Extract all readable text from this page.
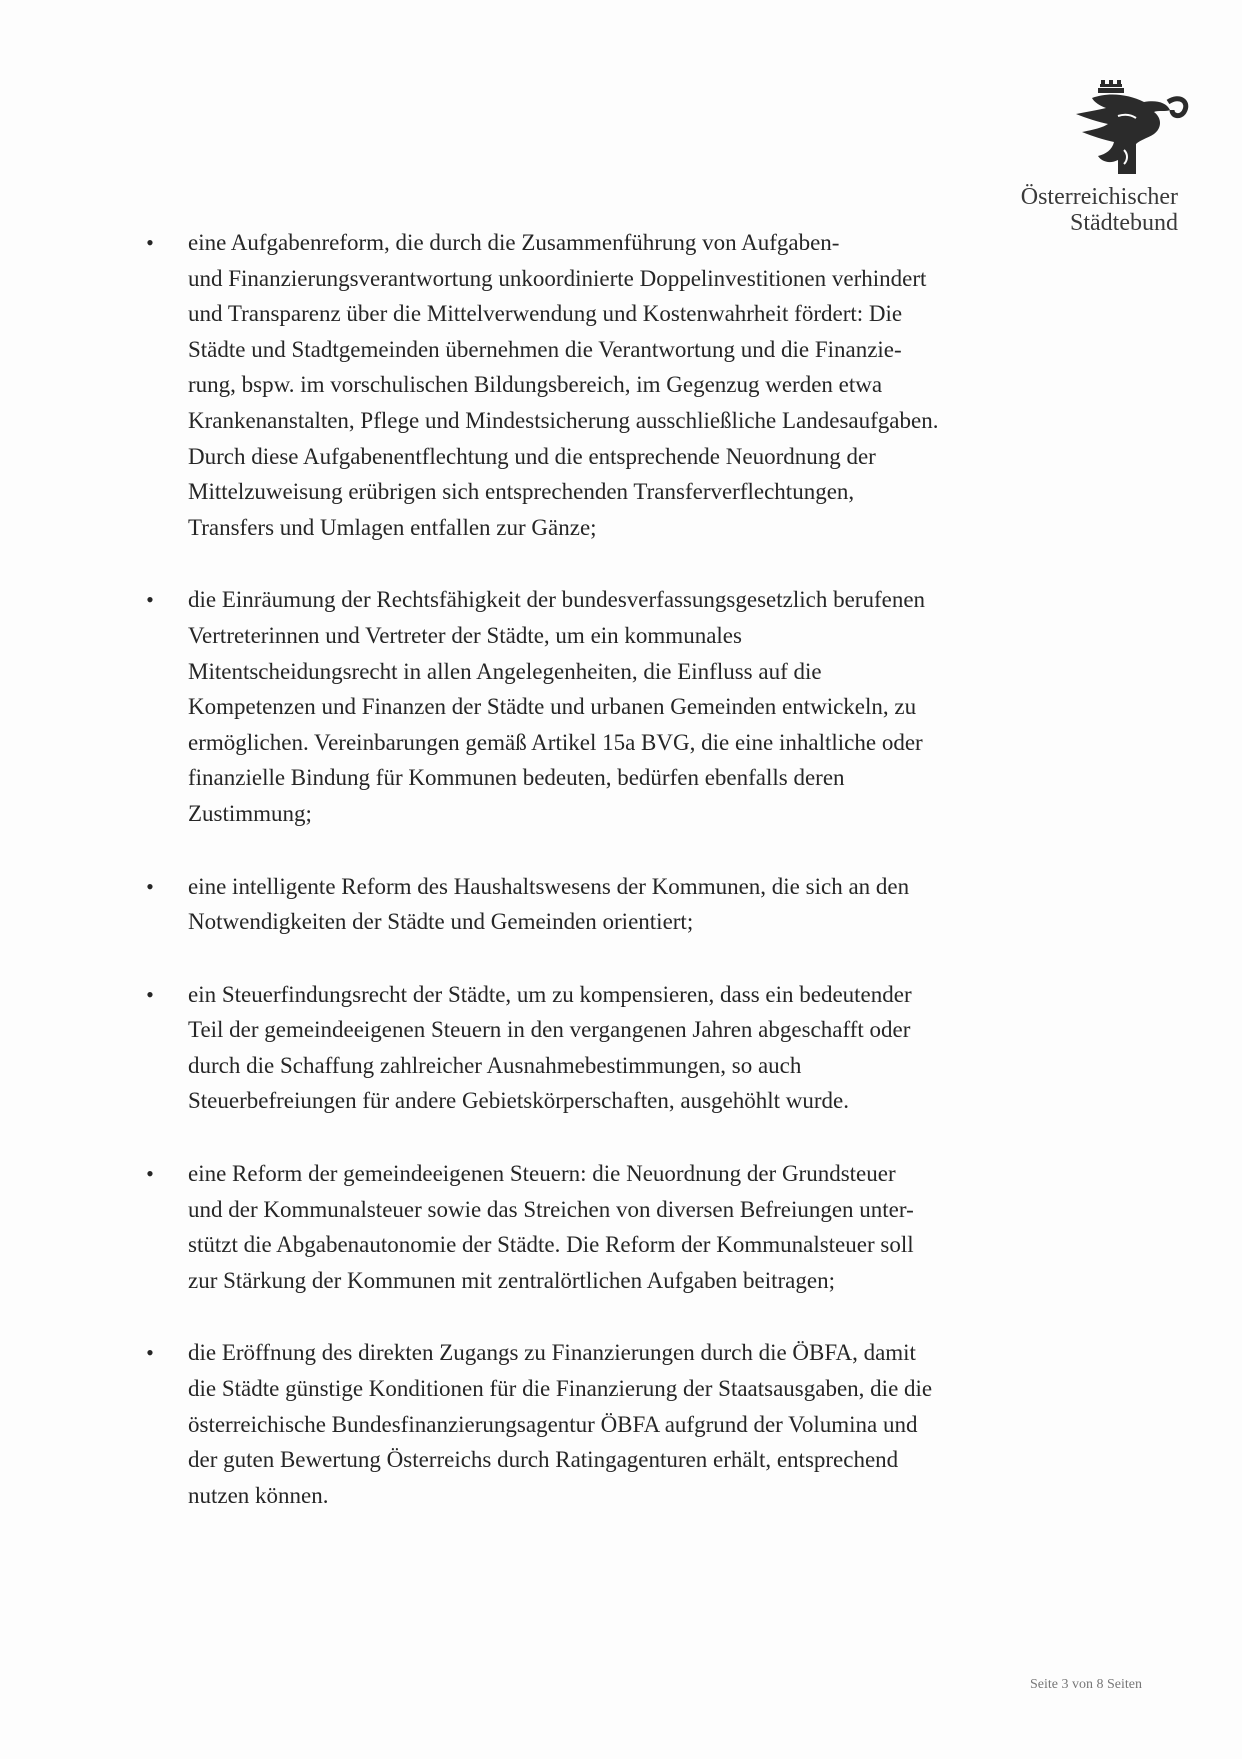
Österreichischer
Städtebund
• eine Aufgabenreform, die durch die Zusammenführung von Aufgaben-
und Finanzierungsverantwortung unkoordinierte Doppelinvestitionen verhindert
und Transparenz über die Mittelverwendung und Kostenwahrheit fördert: Die
Städte und Stadtgemeinden übernehmen die Verantwortung und die Finanzie-
rung, bspw. im vorschulischen Bildungsbereich, im Gegenzug werden etwa
Krankenanstalten, Pflege und Mindestsicherung ausschließliche Landesaufgaben.
Durch diese Aufgabenentflechtung und die entsprechende Neuordnung der
Mittelzuweisung erübrigen sich entsprechenden Transferverflechtungen,
Transfers und Umlagen entfallen zur Gänze;
• die Einräumung der Rechtsfähigkeit der bundesverfassungsgesetzlich berufenen
Vertreterinnen und Vertreter der Städte, um ein kommunales
Mitentscheidungsrecht in allen Angelegenheiten, die Einfluss auf die
Kompetenzen und Finanzen der Städte und urbanen Gemeinden entwickeln, zu
ermöglichen. Vereinbarungen gemäß Artikel 15a BVG, die eine inhaltliche oder
finanzielle Bindung für Kommunen bedeuten, bedürfen ebenfalls deren
Zustimmung;
• eine intelligente Reform des Haushaltswesens der Kommunen, die sich an den
Notwendigkeiten der Städte und Gemeinden orientiert;
• ein Steuerfindungsrecht der Städte, um zu kompensieren, dass ein bedeutender
Teil der gemeindeeigenen Steuern in den vergangenen Jahren abgeschafft oder
durch die Schaffung zahlreicher Ausnahmebestimmungen, so auch
Steuerbefreiungen für andere Gebietskörperschaften, ausgehöhlt wurde.
• eine Reform der gemeindeeigenen Steuern: die Neuordnung der Grundsteuer
und der Kommunalsteuer sowie das Streichen von diversen Befreiungen unter-
stützt die Abgabenautonomie der Städte. Die Reform der Kommunalsteuer soll
zur Stärkung der Kommunen mit zentralörtlichen Aufgaben beitragen;
• die Eröffnung des direkten Zugangs zu Finanzierungen durch die ÖBFA, damit
die Städte günstige Konditionen für die Finanzierung der Staatsausgaben, die die
österreichische Bundesfinanzierungsagentur ÖBFA aufgrund der Volumina und
der guten Bewertung Österreichs durch Ratingagenturen erhält, entsprechend
nutzen können.
Seite 3 von 8 Seiten
